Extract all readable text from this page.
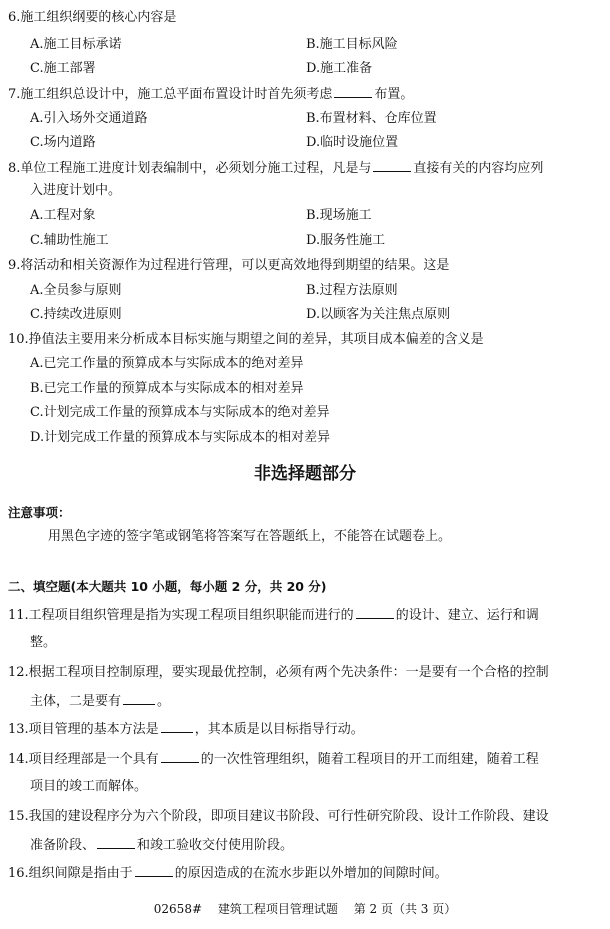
6.施工组织纲要的核心内容是
A.施工目标承诺	B.施工目标风险
C.施工部署	D.施工准备
7.施工组织总设计中，施工总平面布置设计时首先须考虑	布置。
A.引入场外交通道路	B.布置材料、仓库位置
C.场内道路	D.临时设施位置
8.单位工程施工进度计划表编制中，必须划分施工过程，凡是与	直接有关的内容均应列
入进度计划中。
A.工程对象	B.现场施工
C.辅助性施工	D.服务性施工
9.将活动和相关资源作为过程进行管理，可以更高效地得到期望的结果。这是
A.全员参与原则	B.过程方法原则
C.持续改进原则	D.以顾客为关注焦点原则
10.挣值法主要用来分析成本目标实施与期望之间的差异，其项目成本偏差的含义是
A.已完工作量的预算成本与实际成本的绝对差异
B.已完工作量的预算成本与实际成本的相对差异
C.计划完成工作量的预算成本与实际成本的绝对差异
D.计划完成工作量的预算成本与实际成本的相对差异
非选择题部分
注意事项：
用黑色字迹的签字笔或钢笔将答案写在答题纸上，不能答在试题卷上。
二、填空题(本大题共 10 小题，每小题 2 分，共 20 分)
11.工程项目组织管理是指为实现工程项目组织职能而进行的	的设计、建立、运行和调
整。
12.根据工程项目控制原理，要实现最优控制，必须有两个先决条件：一是要有一个合格的控制
主体，二是要有	。
13.项目管理的基本方法是	，其本质是以目标指导行动。
14.项目经理部是一个具有	的一次性管理组织，随着工程项目的开工而组建，随着工程
项目的竣工而解体。
15.我国的建设程序分为六个阶段，即项目建议书阶段、可行性研究阶段、设计工作阶段、建设
准备阶段、	和竣工验收交付使用阶段。
16.组织间隙是指由于	的原因造成的在流水步距以外增加的间隙时间。
02658# 建筑工程项目管理试题 第 2 页（共 3 页）
